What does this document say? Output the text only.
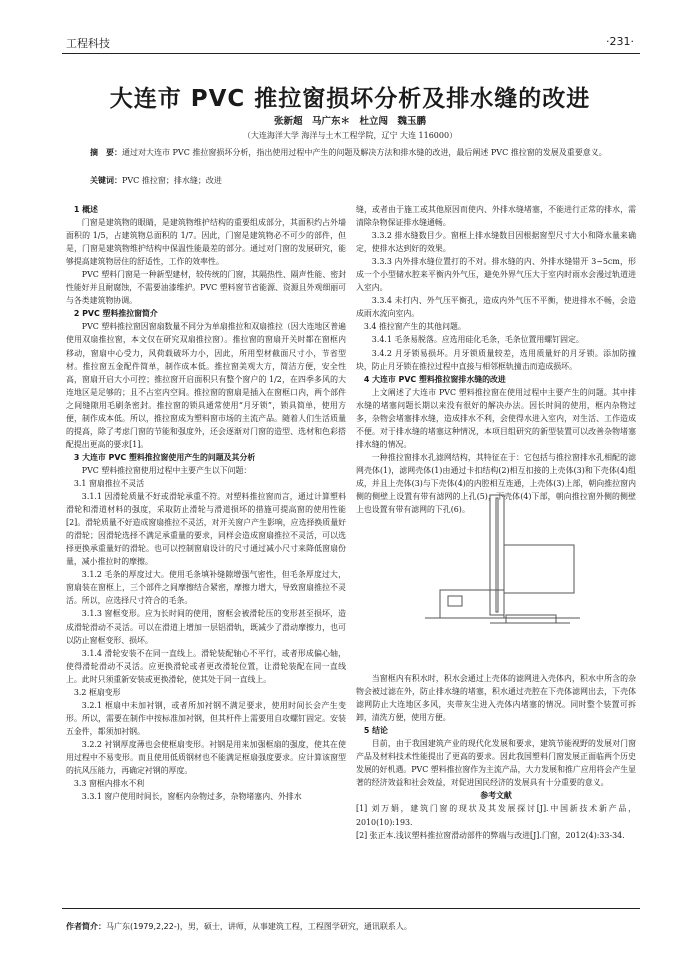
工程科技	·231·
大连市 PVC 推拉窗损坏分析及排水缝的改进
张新超　马广东＊　杜立闯　魏玉鹏
（大连海洋大学 海洋与土木工程学院，辽宁 大连 116000）
摘　要：通过对大连市 PVC 推拉窗损坏分析，指出使用过程中产生的问题及解决方法和排水缝的改进，最后阐述 PVC 推拉窗的发展及重要意义。
关键词：PVC 推拉窗；排水缝；改进

1 概述

门窗是建筑物的眼睛，是建筑物维护结构的重要组成部分，其面积约占外墙面积的 1/5，占建筑物总面积的 1/7。因此，门窗是建筑物必不可少的部件，但是，门窗是建筑物维护结构中保温性能最差的部分。通过对门窗的发展研究，能够提高建筑物居住的舒适性，工作的效率性。

PVC 塑料门窗是一种新型建材，较传统的门窗，其隔热性、隔声性能、密封性能好并且耐腐蚀，不需要油漆维护。PVC 塑料窗节省能源、资源且外观细丽可与各类建筑物协调。

2 PVC 塑料推拉窗简介

PVC 塑料推拉窗因窗扇数量不同分为单扇推拉和双扇推拉（因大连地区普遍使用双扇推拉窗，本文仅在研究双扇推拉窗）。推拉窗的窗扇开关时都在窗框内移动，窗扇中心受力，风荷载破坏力小，因此，所用型材截面尺寸小，节省型材。推拉窗五金配件简单，制作成本低。推拉窗美观大方，简洁方便，安全性高，窗扇开启大小可控；推拉窗开启面积只有整个窗户的 1/2，在四季多风的大连地区是足够的；且不占室内空间。推拉窗的窗扇是插入在窗框口内，两个部件之间缝隙用毛刷条密封。推拉窗的锁具通常使用“月牙锁”，锁具简单，使用方便，制作成本低。所以，推拉窗成为塑料窗市场的主流产品。随着人们生活质量的提高，除了考虑门窗的节能和强度外，还会逐渐对门窗的造型、选材和色彩搭配提出更高的要求[1]。

3 大连市 PVC 塑料推拉窗使用产生的问题及其分析

PVC 塑料推拉窗使用过程中主要产生以下问题：

3.1 窗扇推拉不灵活

3.1.1 因滑轮质量不好或滑轮承重不符。对塑料推拉窗而言，通过计算塑料滑轮和滑道材料的强度，采取防止滑轮与滑道损坏的措施可提高窗的使用性能[2]。滑轮质量不好造成窗扇推拉不灵活，对开关窗户产生影响，应选择换质量好的滑轮；因滑轮选择不满足承重量的要求，同样会造成窗扇推拉不灵活，可以选择更换承重量好的滑轮。也可以控制窗扇设计的尺寸通过减小尺寸来降低窗扇份量，减小推拉时的摩擦。

3.1.2 毛条的厚度过大。使用毛条填补缝隙增强气密性，但毛条厚度过大，窗扇装在窗框上，三个部件之间摩擦结合紧密，摩擦力增大，导致窗扇推拉不灵活。所以，应选择尺寸符合的毛条。

3.1.3 窗框变形。应为长时间的使用，窗框会被滑轮压的变形甚至损坏，造成滑轮滑动不灵活。可以在滑道上增加一层铝滑轨，既减少了滑动摩擦力，也可以防止窗框变形、损坏。

3.1.4 滑轮安装不在同一直线上。滑轮装配轴心不平行，或者形成偏心轴，使得滑轮滑动不灵活。应更换滑轮或者更改滑轮位置，让滑轮装配在同一直线上。此时只须重新安装或更换滑轮，使其处于同一直线上。

3.2 框扇变形

3.2.1 框扇中未加衬钢，或者所加衬钢不满足要求，使用时间长会产生变形。所以，需要在制作中按标准加衬钢，但其杆件上需要用自攻螺钉固定。安装五金件，都须加衬钢。

3.2.2 衬钢厚度薄也会使框扇变形。衬钢是用来加强框扇的强度，使其在使用过程中不易变形。而且使用低质钢材也不能满足框扇强度要求。应计算该窗型的抗风压能力，再确定衬钢的厚度。

3.3 窗框内排水不利

3.3.1 窗户使用时间长，窗框内杂物过多，杂物堵塞内、外排水

缝，或者由于施工或其他原因而使内、外排水缝堵塞，不能进行正常的排水，需清除杂物保证排水缝通畅。

3.3.2 排水缝数目少。窗框上排水缝数目因根据窗型尺寸大小和降水量来确定，使排水达到好的效果。

3.3.3 内外排水缝位置打的不对。排水缝的内、外排水缝错开 3~5cm，形成一个小型储水腔来平衡内外气压，避免外界气压大于室内时雨水会漫过轨道进入室内。

3.3.4 未打内、外气压平衡孔，造成内外气压不平衡，使进排水不畅，会造成雨水流向室内。

3.4 推拉窗产生的其他问题。

3.4.1 毛条易脱落。应选用硅化毛条，毛条位置用螺钉固定。

3.4.2 月牙锁易损坏。月牙锁质量较差，选用质量好的月牙锁。添加防撞块，防止月牙锁在推拉过程中直接与相邻框轨撞击而造成损坏。

4 大连市 PVC 塑料推拉窗排水缝的改进

上文阐述了大连市 PVC 塑料推拉窗在使用过程中主要产生的问题。其中排水缝的堵塞问题长期以来没有很好的解决办法。因长时间的使用，框内杂物过多，杂物会堵塞排水缝，造成排水不利，会使得水进入室内，对生活、工作造成不便。对于排水缝的堵塞这种情况，本项目组研究的新型装置可以改善杂物堵塞排水缝的情况。

一种推拉窗排水孔滤网结构，其特征在于：它包括与推拉窗排水孔相配的滤网壳体(1)，滤网壳体(1)由通过卡扣结构(2)相互扣接的上壳体(3)和下壳体(4)组成，并且上壳体(3)与下壳体(4)的内腔相互连通，上壳体(3)上部，朝向推拉窗内侧的侧壁上设置有带有滤网的上孔(5)，下壳体(4)下部，朝向推拉窗外侧的侧壁上也设置有带有滤网的下孔(6)。

当窗框内有积水时，积水会通过上壳体的滤网进入壳体内，积水中所含的杂物会被过滤在外，防止排水缝的堵塞，积水通过壳腔在下壳体滤网出去，下壳体滤网防止大连地区多风，夹带灰尘进入壳体内堵塞的情况。同时整个装置可拆卸，清洗方便，使用方便。

5 结论

目前，由于我国建筑产业的现代化发展和要求，建筑节能视野的发展对门窗产品及材料技术性能提出了更高的要求。因此我国塑料门窗发展正面临两个历史发展的好机遇。PVC 塑料推拉窗作为主流产品，大力发展和推广应用将会产生显著的经济效益和社会效益，对促进国民经济的发展具有十分重要的意义。

参考文献

[1] 刘万娟，建筑门窗的现状及其发展探讨[J].中国新技术新产品，2010(10):193.

[2] 张正本.浅议塑料推拉窗滑动部件的弊端与改进[J].门窗，2012(4):33-34.

作者简介：马广东(1979,2,22-)，男，硕士，讲师，从事建筑工程，工程图学研究，通讯联系人。
